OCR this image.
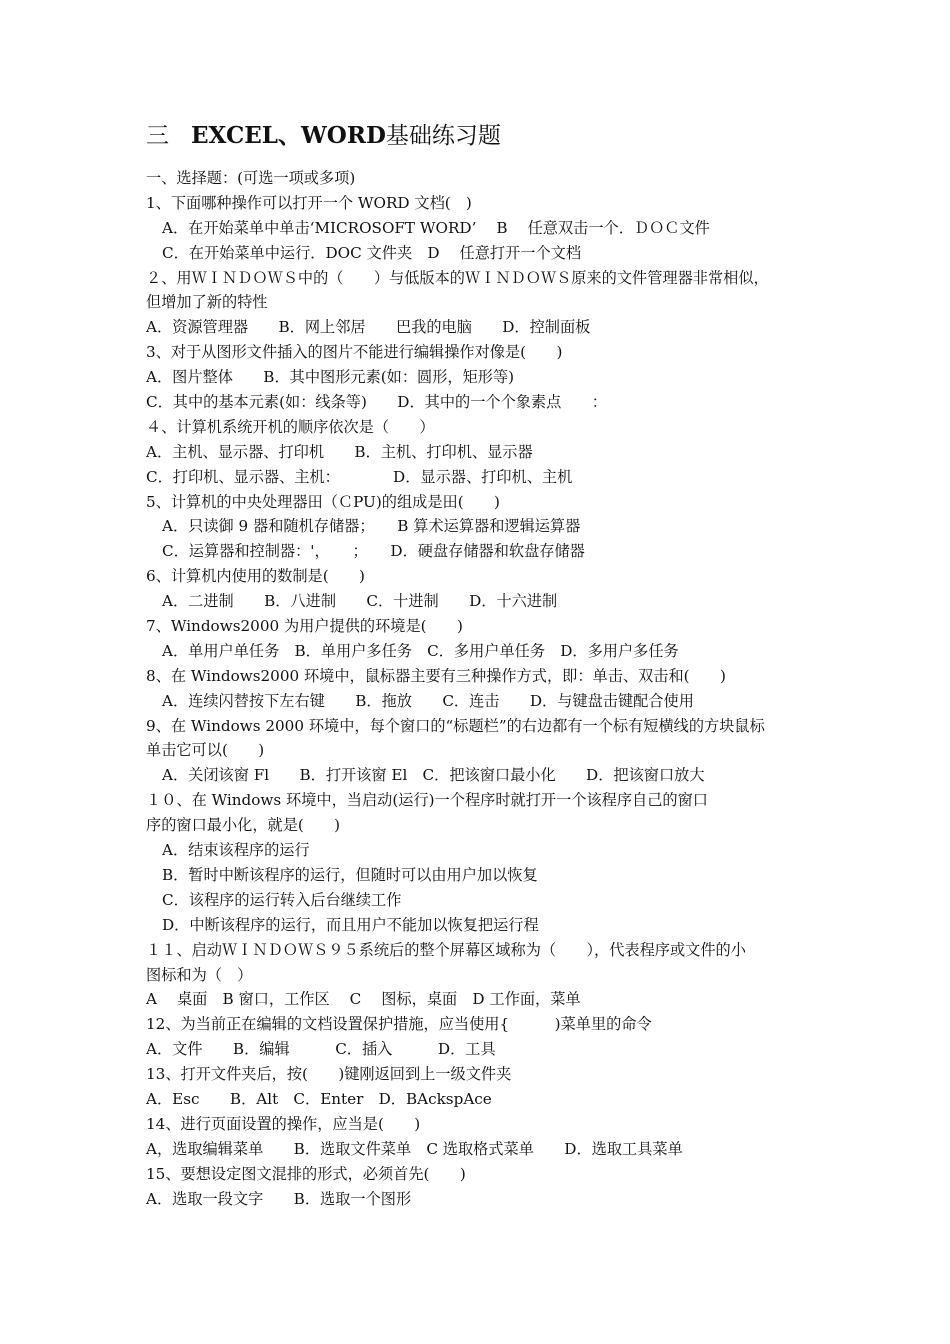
三 EXCEL、WORD基础练习题
一、选择题：(可选一项或多项)
1、下面哪种操作可以打开一个 WORD 文档(　)
A．在开始菜单中单击‘MICROSOFT WORD’　 B　 任意双击一个．ＤＯＣ文件
C．在开始菜单中运行．DOC 文件夹　D　 任意打开一个文档
２、用ＷＩＮＤＯＷＳ中的（　　）与低版本的ＷＩＮＤＯＷＳ原来的文件管理器非常相似，
但增加了新的特性
A．资源管理器　　B．网上邻居　　巴我的电脑　　D．控制面板
3、对于从图形文件插入的图片不能进行编辑操作对像是(　　)
A．图片整体　　B．其中图形元素(如：圆形，矩形等)
C．其中的基本元素(如：线条等)　　D．其中的一个个象素点　　：
４、计算机系统开机的顺序依次是（　　）
A．主机、显示器、打印机　　B．主机、打印机、显示器
C．打印机、显示器、主机：　　　　D．显示器、打印机、主机
5、计算机的中央处理器田（ＣPU)的组成是田(　　)
A．只读御 9 器和随机存储器；　　B 算术运算器和逻辑运算器
C．运算器和控制器：'，　　；　　D．硬盘存储器和软盘存储器
6、计算机内使用的数制是(　　)
A．二进制　　B．八进制　　C．十进制　　D．十六进制
7、Windows2000 为用户提供的环境是(　　)
A．单用户单任务　B．单用户多任务　C．多用户单任务　D．多用户多任务
8、在 Windows2000 环境中，鼠标器主要有三种操作方式，即：单击、双击和(　　)
A．连续闪替按下左右键　　B．拖放　　C．连击　　D．与键盘击键配合使用
9、在 Windows 2000 环境中，每个窗口的“标题栏”的右边都有一个标有短横线的方块鼠标
单击它可以(　　)
A．关闭该窗 Fl　　B．打开该窗 El　C．把该窗口最小化　　D．把该窗口放大
１０、在 Windows 环境中，当启动(运行)一个程序时就打开一个该程序自己的窗口
序的窗口最小化，就是(　　)
A．结束该程序的运行
B．暂时中断该程序的运行，但随时可以由用户加以恢复
C．该程序的运行转入后台继续工作
D．中断该程序的运行，而且用户不能加以恢复把运行程
１１、启动ＷＩＮＤＯＷＳ９５系统后的整个屏幕区域称为（　　），代表程序或文件的小
图标和为（　）
A　 桌面　B 窗口，工作区　 C　 图标，桌面　D 工作面，菜单
12、为当前正在编辑的文档设置保护措施，应当使用{　　　)菜单里的命令
A．文件　　B．编辑　　　C．插入　　　D．工具
13、打开文件夹后，按(　　)键刚返回到上一级文件夹
A．Esc　　B．Alt　C．Enter　D．BAckspAce
14、进行页面设置的操作，应当是(　　)
A，选取编辑菜单　　B．选取文件菜单　C 选取格式菜单　　D．选取工具菜单
15、要想设定图文混排的形式，必须首先(　　)
A．选取一段文字　　B．选取一个图形
